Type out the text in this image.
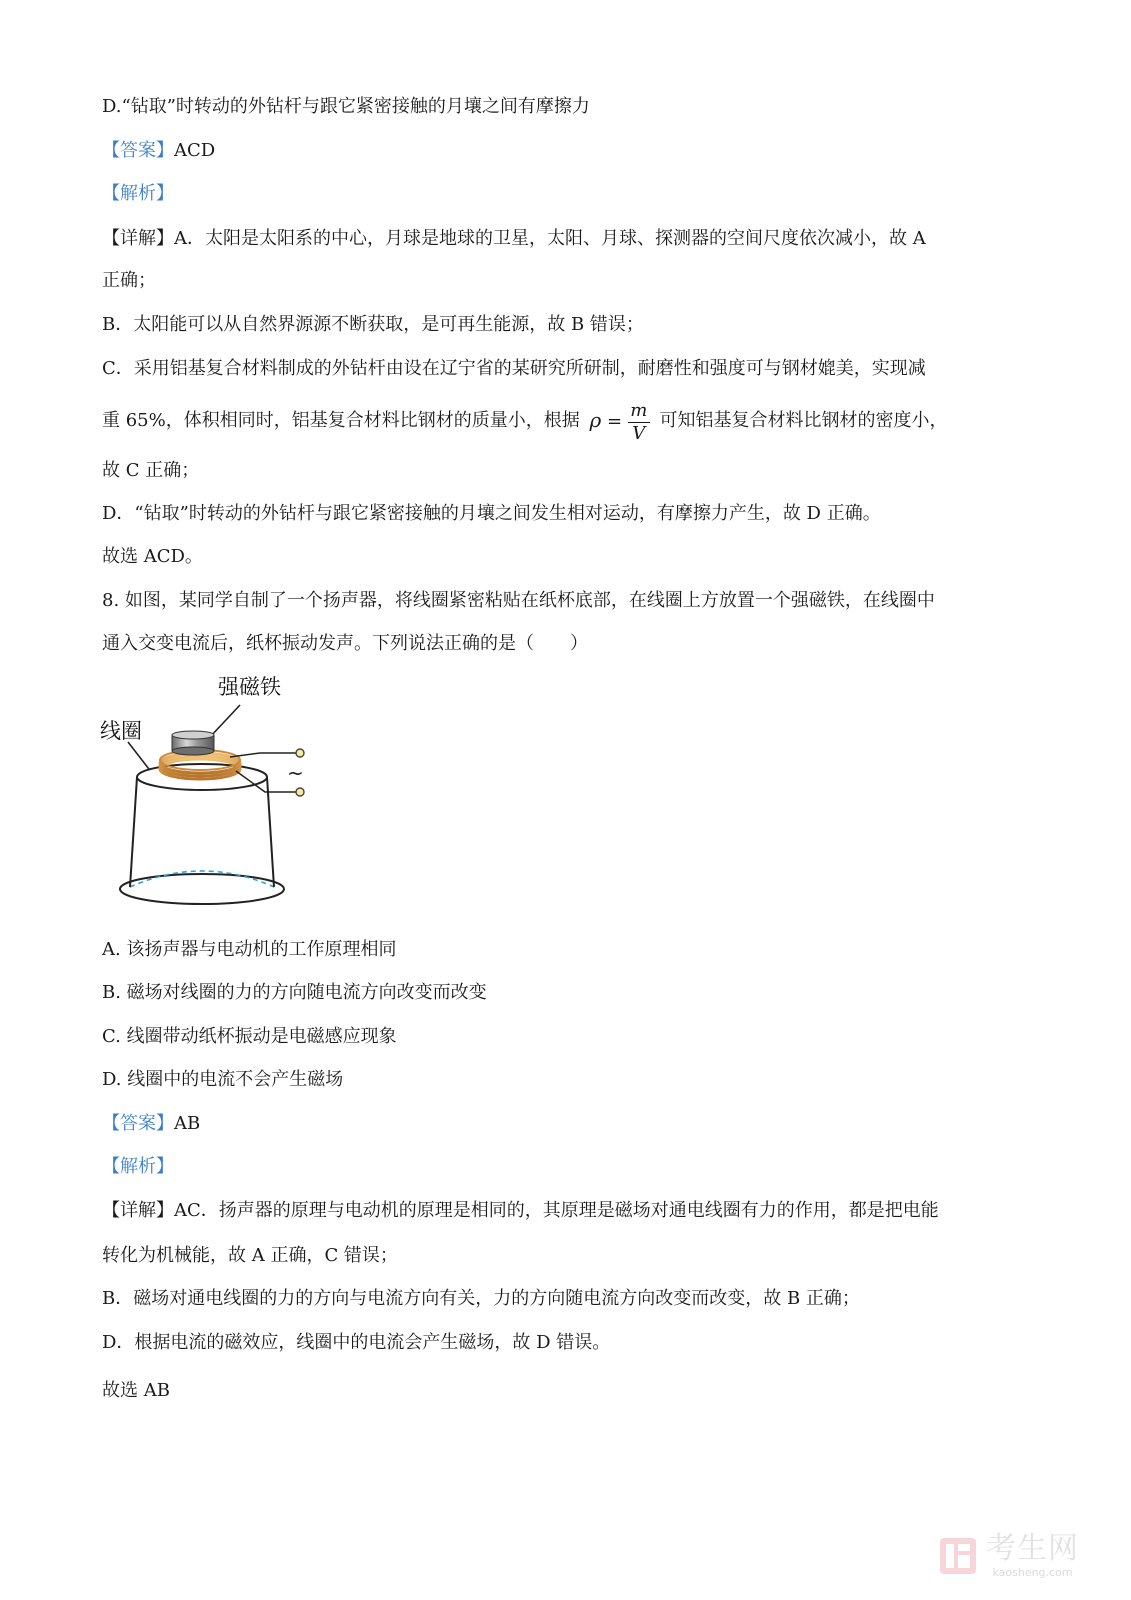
D.“钻取”时转动的外钻杆与跟它紧密接触的月壤之间有摩擦力
【答案】ACD
【解析】
【详解】A．太阳是太阳系的中心，月球是地球的卫星，太阳、月球、探测器的空间尺度依次减小，故 A
正确；
B．太阳能可以从自然界源源不断获取，是可再生能源，故 B 错误；
C．采用铝基复合材料制成的外钻杆由设在辽宁省的某研究所研制，耐磨性和强度可与钢材媲美，实现减
重 65%，体积相同时，铝基复合材料比钢材的质量小，根据 $\rho = \frac{m}{V}$ 可知铝基复合材料比钢材的密度小，
故 C 正确；
D．“钻取”时转动的外钻杆与跟它紧密接触的月壤之间发生相对运动，有摩擦力产生，故 D 正确。
故选 ACD。
8. 如图，某同学自制了一个扬声器，将线圈紧密粘贴在纸杯底部，在线圈上方放置一个强磁铁，在线圈中
通入交变电流后，纸杯振动发声。下列说法正确的是（　　）
强磁铁
线圈
~
A. 该扬声器与电动机的工作原理相同
B. 磁场对线圈的力的方向随电流方向改变而改变
C. 线圈带动纸杯振动是电磁感应现象
D. 线圈中的电流不会产生磁场
【答案】AB
【解析】
【详解】AC．扬声器的原理与电动机的原理是相同的，其原理是磁场对通电线圈有力的作用，都是把电能
转化为机械能，故 A 正确，C 错误；
B．磁场对通电线圈的力的方向与电流方向有关，力的方向随电流方向改变而改变，故 B 正确；
D．根据电流的磁效应，线圈中的电流会产生磁场，故 D 错误。
故选 AB
考生网
kaosheng.com
